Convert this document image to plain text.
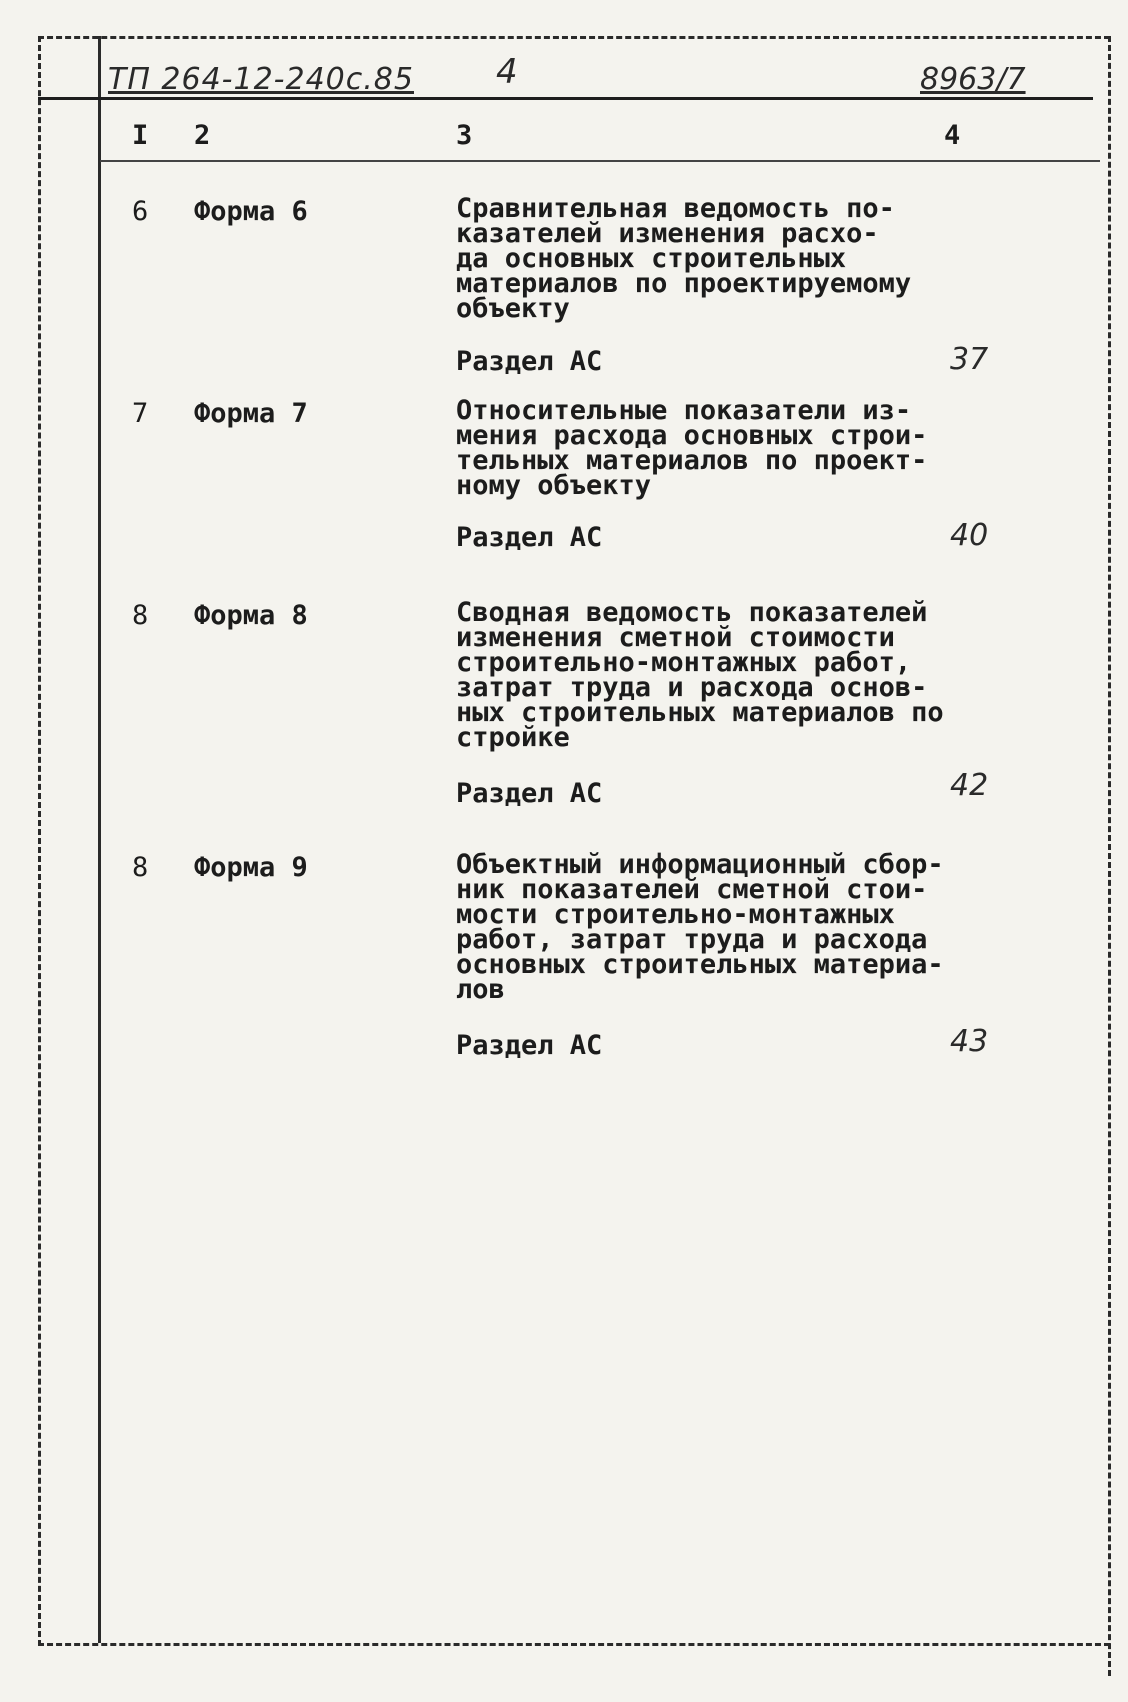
ТП 264-12-240с.85 4	8963/7
I 2	3	4
6 Форма 6	Сравнительная ведомость по-
казателей изменения расхо-
да основных строительных
материалов по проектируемому
объекту
Раздел АС	37
7 Форма 7	Относительные показатели из-
мения расхода основных строи-
тельных материалов по проект-
ному объекту
Раздел АС	40
8 Форма 8	Сводная ведомость показателей
изменения сметной стоимости
строительно-монтажных работ,
затрат труда и расхода основ-
ных строительных материалов по
стройке
Раздел АС	42
8 Форма 9	Объектный информационный сбор-
ник показателей сметной стои-
мости строительно-монтажных
работ, затрат труда и расхода
основных строительных материа-
лов
Раздел АС	43
